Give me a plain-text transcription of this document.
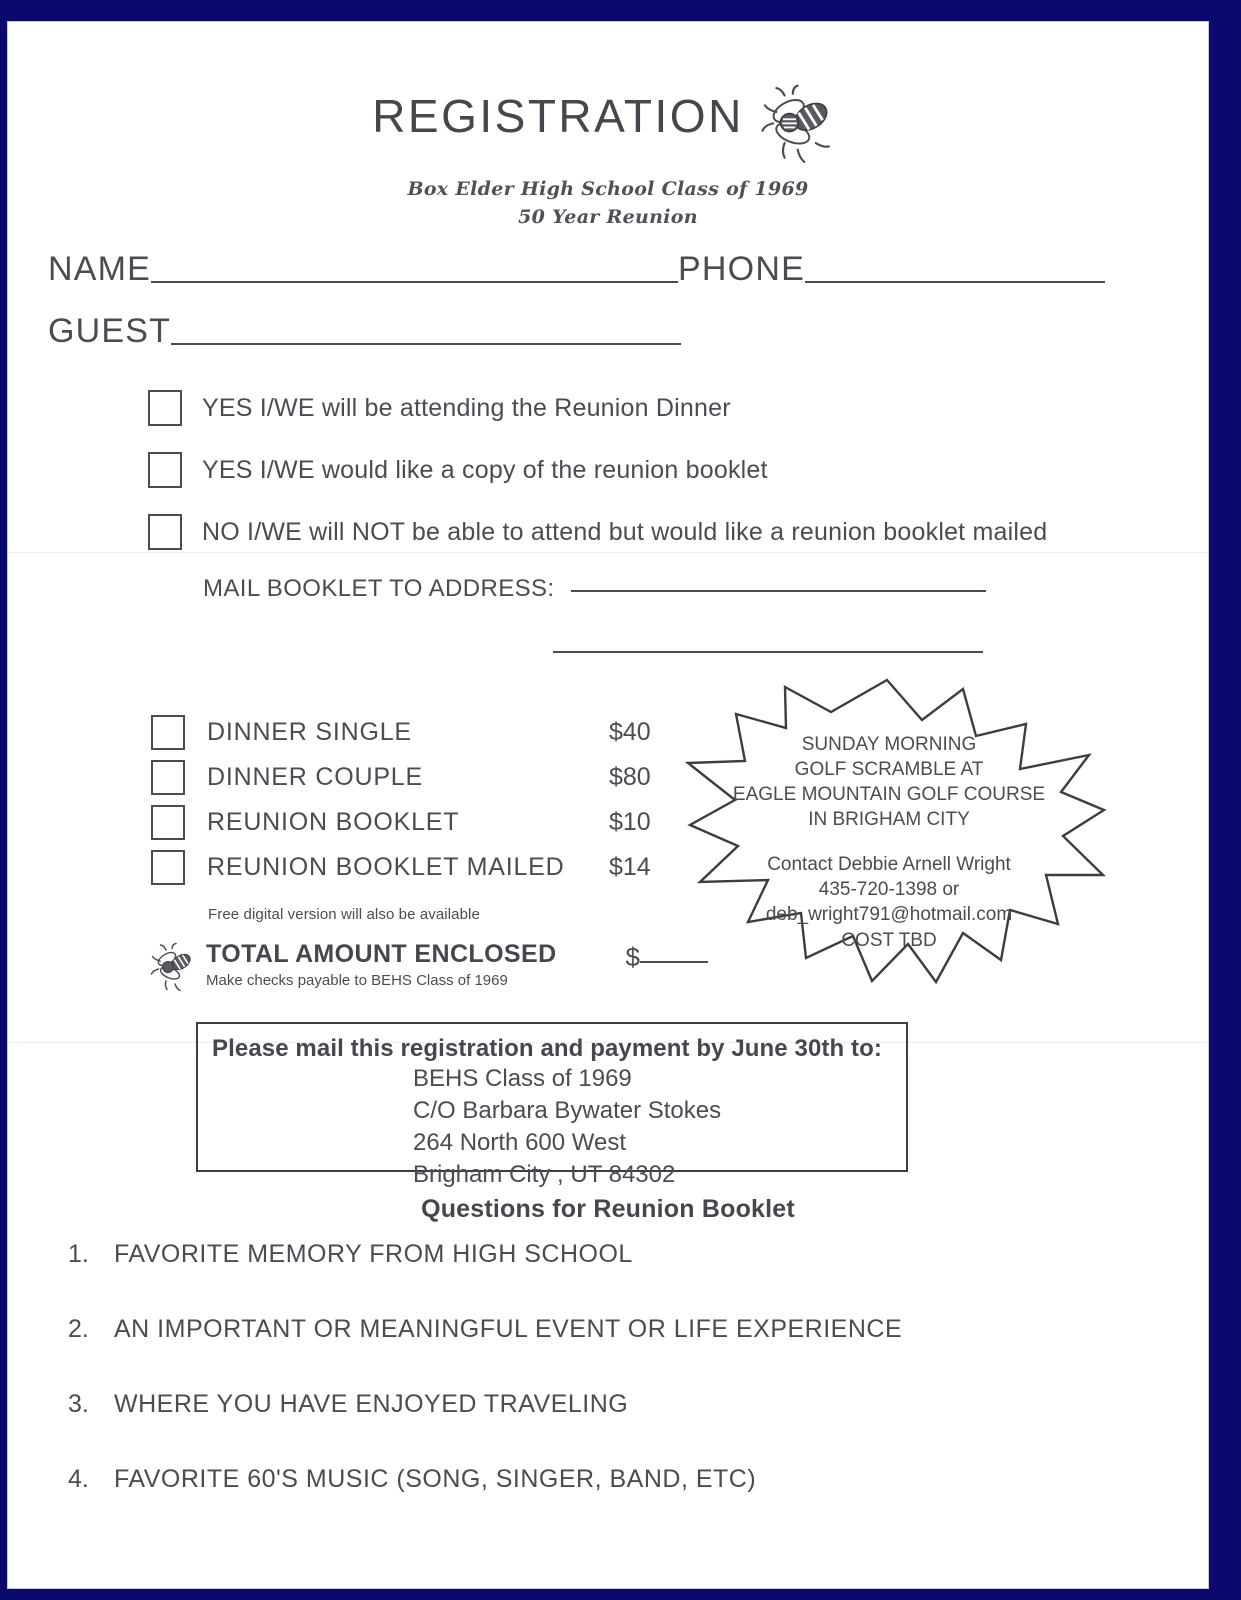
REGISTRATION
Box Elder High School Class of 1969
50 Year Reunion
NAME	PHONE
GUEST
YES I/WE will be attending the Reunion Dinner
YES I/WE would like a copy of the reunion booklet
NO I/WE will NOT be able to attend but would like a reunion booklet mailed
MAIL BOOKLET TO ADDRESS:
DINNER SINGLE	$40
DINNER COUPLE	$80
REUNION BOOKLET	$10
REUNION BOOKLET MAILED	$14
Free digital version will also be available
TOTAL AMOUNT ENCLOSED
Make checks payable to BEHS Class of 1969
$
SUNDAY MORNING
GOLF SCRAMBLE AT
EAGLE MOUNTAIN GOLF COURSE
IN BRIGHAM CITY
Contact Debbie Arnell Wright
435-720-1398 or
deb_wright791@hotmail.com
COST TBD
Please mail this registration and payment by June 30th to:
BEHS Class of 1969
C/O Barbara Bywater Stokes
264 North 600 West
Brigham City , UT 84302
Questions for Reunion Booklet
1.	FAVORITE MEMORY FROM HIGH SCHOOL
2.	AN IMPORTANT OR MEANINGFUL EVENT OR LIFE EXPERIENCE
3.	WHERE YOU HAVE ENJOYED TRAVELING
4.	FAVORITE 60'S MUSIC (SONG, SINGER, BAND, ETC)
